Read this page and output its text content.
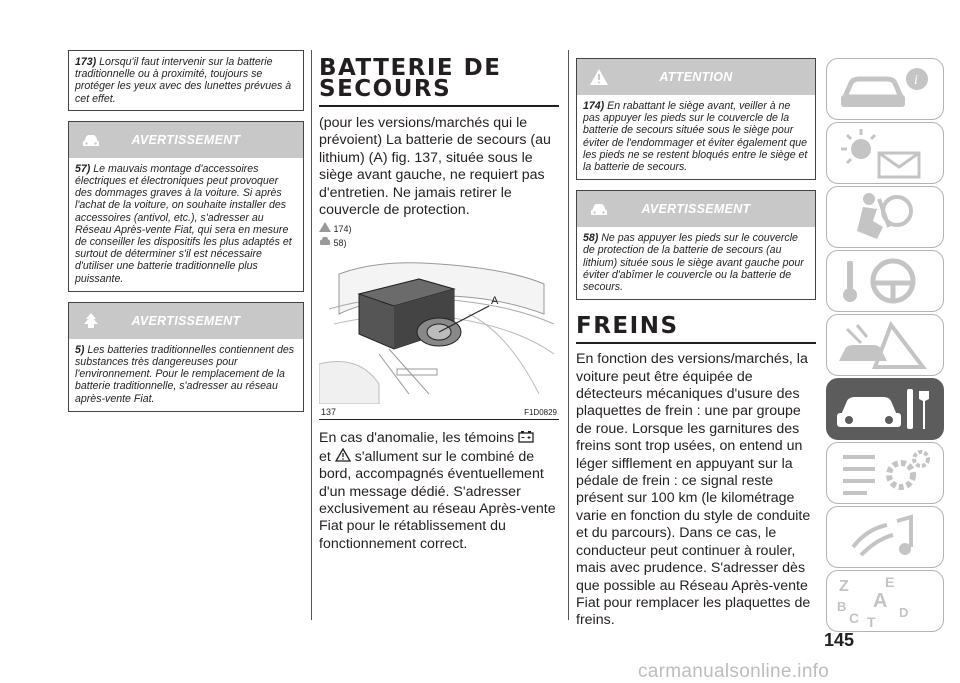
173) Lorsqu'il faut intervenir sur la batterie traditionnelle ou à proximité, toujours se protéger les yeux avec des lunettes prévues à cet effet.

AVERTISSEMENT

57) Le mauvais montage d'accessoires électriques et électroniques peut provoquer des dommages graves à la voiture. Si après l'achat de la voiture, on souhaite installer des accessoires (antivol, etc.), s'adresser au Réseau Après-vente Fiat, qui sera en mesure de conseiller les dispositifs les plus adaptés et surtout de déterminer s'il est nécessaire d'utiliser une batterie traditionnelle plus puissante.

AVERTISSEMENT

5) Les batteries traditionnelles contiennent des substances très dangereuses pour l'environnement. Pour le remplacement de la batterie traditionnelle, s'adresser au réseau après-vente Fiat.

BATTERIE DE
SECOURS

(pour les versions/marchés qui le prévoient) La batterie de secours (au lithium) (A) fig. 137, située sous le siège avant gauche, ne requiert pas d'entretien. Ne jamais retirer le couvercle de protection.

174)
58)
A
137	F1D0829

En cas d'anomalie, les témoins
et s'allument sur le combiné de bord, accompagnés éventuellement d'un message dédié. S'adresser exclusivement au réseau Après-vente Fiat pour le rétablissement du fonctionnement correct.

ATTENTION

174) En rabattant le siège avant, veiller à ne pas appuyer les pieds sur le couvercle de la batterie de secours située sous le siège pour éviter de l'endommager et éviter également que les pieds ne se restent bloqués entre le siège et la batterie de secours.

AVERTISSEMENT

58) Ne pas appuyer les pieds sur le couvercle de protection de la batterie de secours (au lithium) située sous le siège avant gauche pour éviter d'abîmer le couvercle ou la batterie de secours.

FREINS

En fonction des versions/marchés, la voiture peut être équipée de détecteurs mécaniques d'usure des plaquettes de frein : une par groupe de roue. Lorsque les garnitures des freins sont trop usées, on entend un léger sifflement en appuyant sur la pédale de frein : ce signal reste présent sur 100 km (le kilométrage varie en fonction du style de conduite et du parcours). Dans ce cas, le conducteur peut continuer à rouler, mais avec prudence. S'adresser dès que possible au Réseau Après-vente Fiat pour remplacer les plaquettes de freins.

i
Z	E
B A
C T
D
145
carmanualsonline.info
